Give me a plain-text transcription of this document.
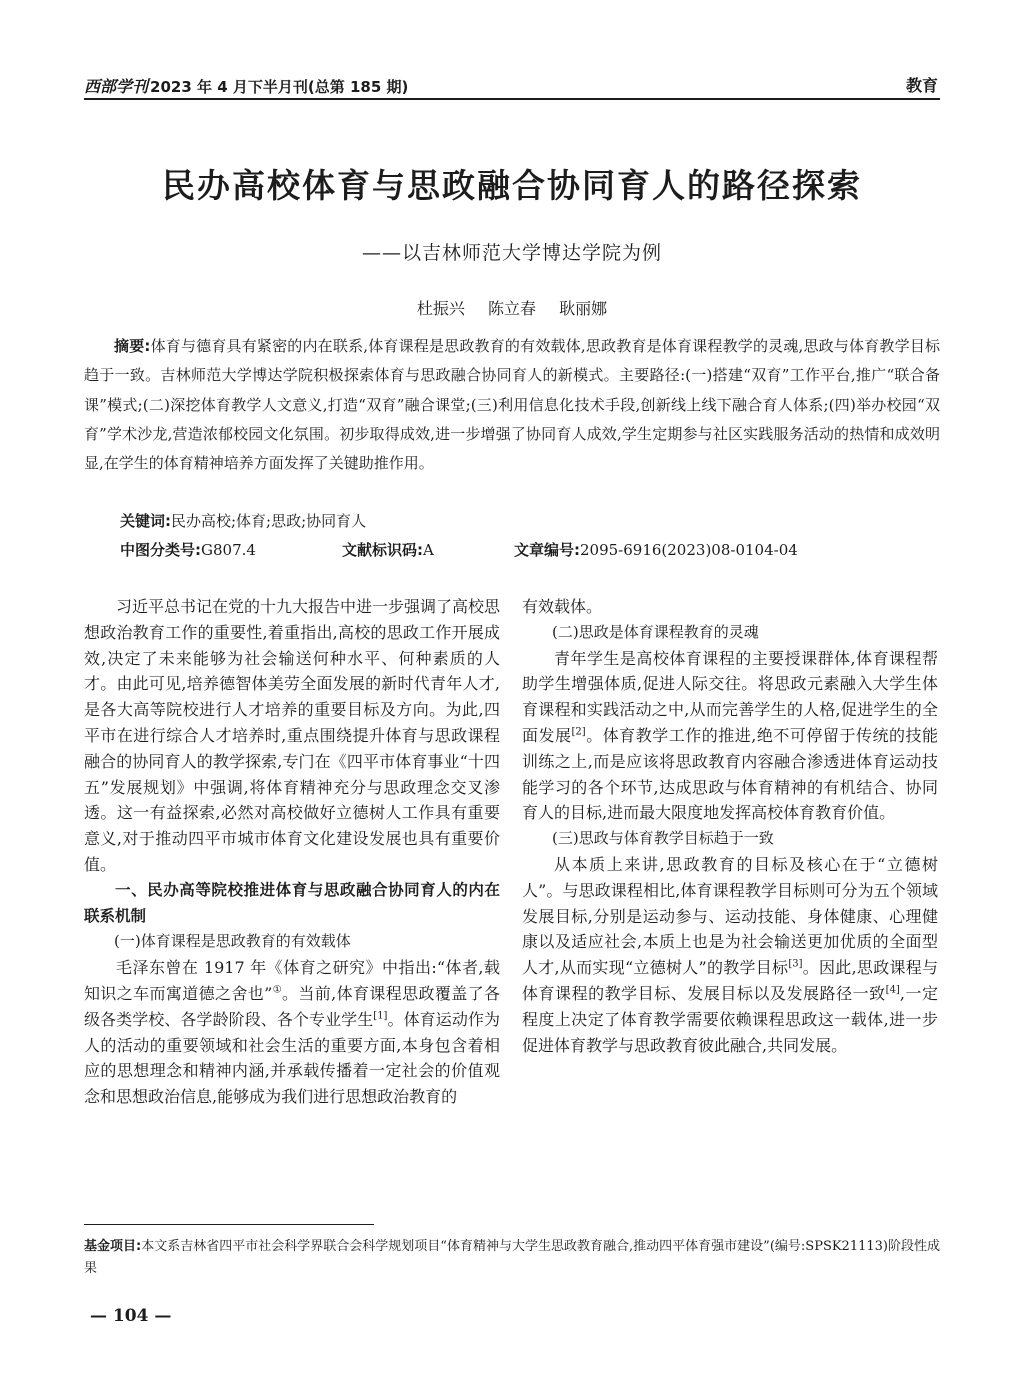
西部学刊 2023 年 4 月下半月刊(总第 185 期)	教育
民办高校体育与思政融合协同育人的路径探索
——以吉林师范大学博达学院为例
杜振兴 陈立春 耿丽娜
摘要:体育与德育具有紧密的内在联系,体育课程是思政教育的有效载体,思政教育是体育课程教学的灵魂,思政与体育教学目标趋于一致。吉林师范大学博达学院积极探索体育与思政融合协同育人的新模式。主要路径:(一)搭建“双育”工作平台,推广“联合备课”模式;(二)深挖体育教学人文意义,打造“双育”融合课堂;(三)利用信息化技术手段,创新线上线下融合育人体系;(四)举办校园“双育”学术沙龙,营造浓郁校园文化氛围。初步取得成效,进一步增强了协同育人成效,学生定期参与社区实践服务活动的热情和成效明显,在学生的体育精神培养方面发挥了关键助推作用。
关键词:民办高校;体育;思政;协同育人
中图分类号:G807.4	文献标识码:A	文章编号:2095-6916(2023)08-0104-04

习近平总书记在党的十九大报告中进一步强调了高校思想政治教育工作的重要性,着重指出,高校的思政工作开展成效,决定了未来能够为社会输送何种水平、何种素质的人才。由此可见,培养德智体美劳全面发展的新时代青年人才,是各大高等院校进行人才培养的重要目标及方向。为此,四平市在进行综合人才培养时,重点围绕提升体育与思政课程融合的协同育人的教学探索,专门在《四平市体育事业“十四五”发展规划》中强调,将体育精神充分与思政理念交叉渗透。这一有益探索,必然对高校做好立德树人工作具有重要意义,对于推动四平市城市体育文化建设发展也具有重要价值。

一、民办高等院校推进体育与思政融合协同育人的内在联系机制

(一)体育课程是思政教育的有效载体

毛泽东曾在 1917 年《体育之研究》中指出:“体者,载知识之车而寓道德之舍也”①。当前,体育课程思政覆盖了各级各类学校、各学龄阶段、各个专业学生[1]。体育运动作为人的活动的重要领域和社会生活的重要方面,本身包含着相应的思想理念和精神内涵,并承载传播着一定社会的价值观念和思想政治信息,能够成为我们进行思想政治教育的

有效载体。

(二)思政是体育课程教育的灵魂

青年学生是高校体育课程的主要授课群体,体育课程帮助学生增强体质,促进人际交往。将思政元素融入大学生体育课程和实践活动之中,从而完善学生的人格,促进学生的全面发展[2]。体育教学工作的推进,绝不可停留于传统的技能训练之上,而是应该将思政教育内容融合渗透进体育运动技能学习的各个环节,达成思政与体育精神的有机结合、协同育人的目标,进而最大限度地发挥高校体育教育价值。

(三)思政与体育教学目标趋于一致

从本质上来讲,思政教育的目标及核心在于“立德树人”。与思政课程相比,体育课程教学目标则可分为五个领域发展目标,分别是运动参与、运动技能、身体健康、心理健康以及适应社会,本质上也是为社会输送更加优质的全面型人才,从而实现“立德树人”的教学目标[3]。因此,思政课程与体育课程的教学目标、发展目标以及发展路径一致[4],一定程度上决定了体育教学需要依赖课程思政这一载体,进一步促进体育教学与思政教育彼此融合,共同发展。

基金项目:本文系吉林省四平市社会科学界联合会科学规划项目“体育精神与大学生思政教育融合,推动四平体育强市建设”(编号:SPSK21113)阶段性成果
— 104 —
